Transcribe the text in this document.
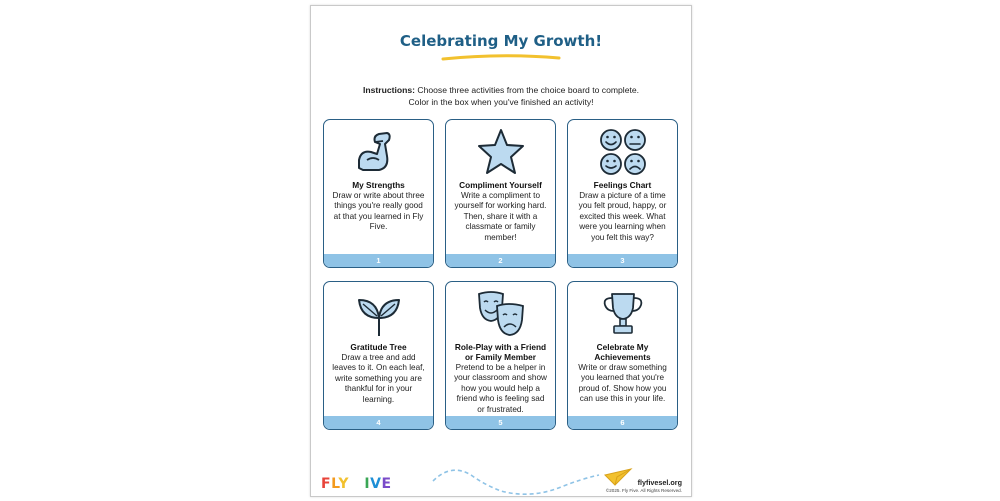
Celebrating My Growth!
Instructions: Choose three activities from the choice board to complete.
Color in the box when you've finished an activity!
My Strengths
Draw or write about three things you're really good at that you learned in Fly Five.
1
Compliment Yourself
Write a compliment to yourself for working hard. Then, share it with a classmate or family member!
2
Feelings Chart
Draw a picture of a time you felt proud, happy, or excited this week. What were you learning when you felt this way?
3
Gratitude Tree
Draw a tree and add leaves to it. On each leaf, write something you are thankful for in your learning.
4
Role-Play with a Friend or Family Member
Pretend to be a helper in your classroom and show how you would help a friend who is feeling sad or frustrated.
5
Celebrate My Achievements
Write or draw something you learned that you're proud of. Show how you can use this in your life.
6
FLY FIVE	flyfivesel.org
©2025. Fly Five. All Rights Reserved.
